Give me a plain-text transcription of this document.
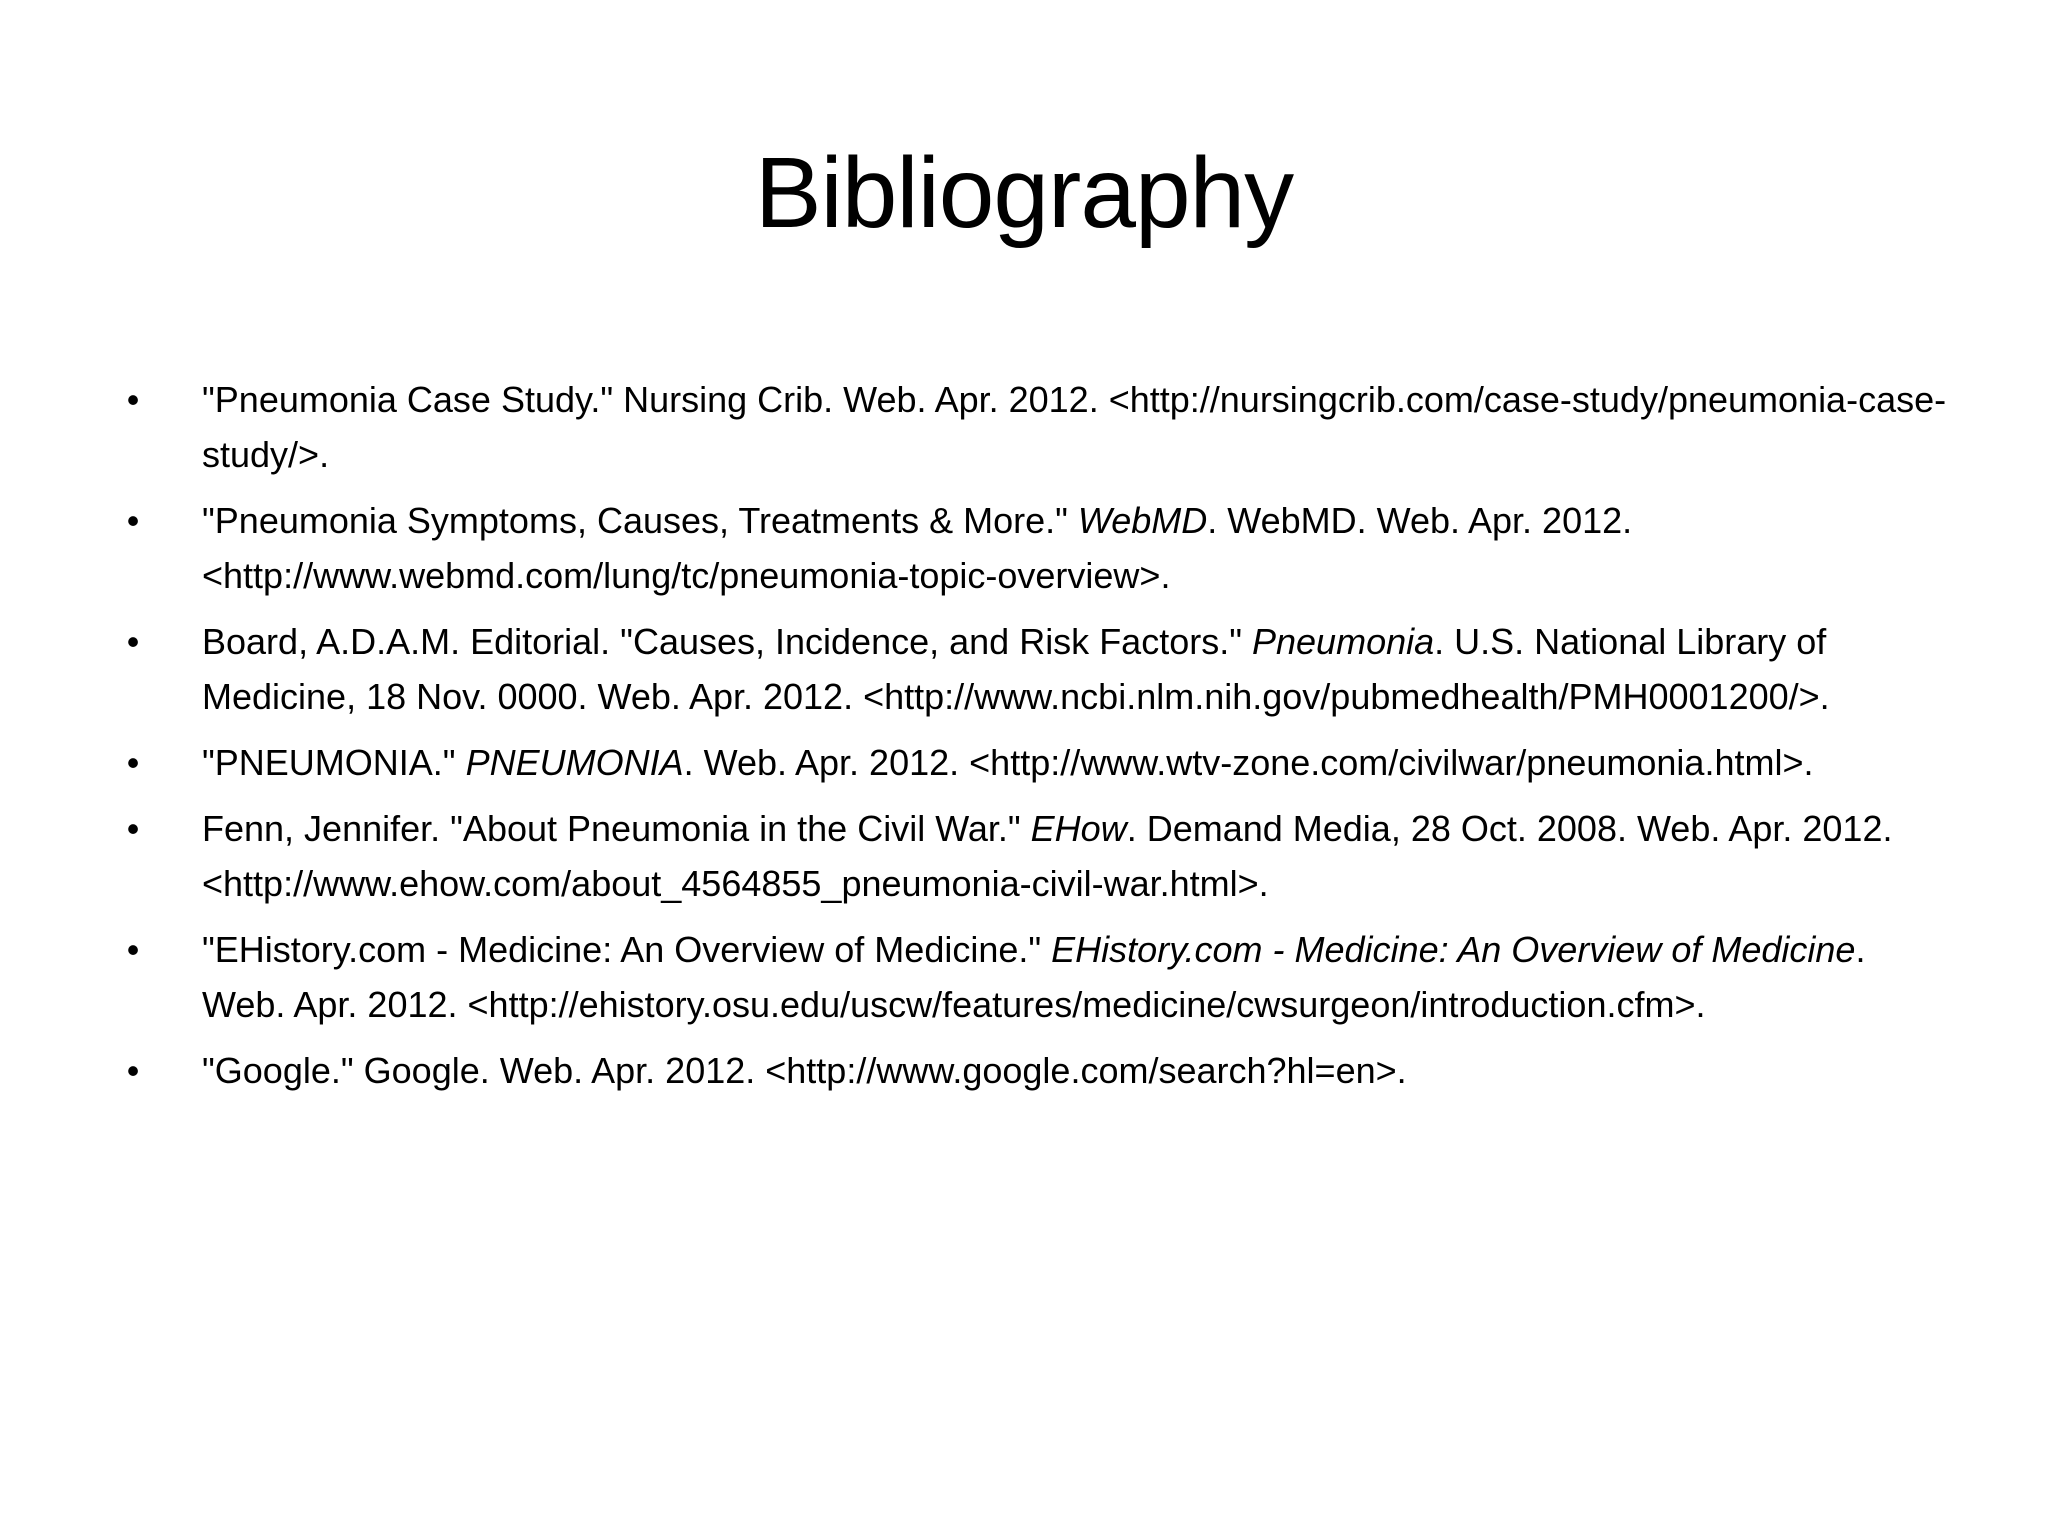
Bibliography
• "Pneumonia Case Study." Nursing Crib. Web. Apr. 2012. <http://nursingcrib.com/case-study/pneumonia-case-study/>.
• "Pneumonia Symptoms, Causes, Treatments & More." WebMD. WebMD. Web. Apr. 2012. <http://www.webmd.com/lung/tc/pneumonia-topic-overview>.
• Board, A.D.A.M. Editorial. "Causes, Incidence, and Risk Factors." Pneumonia. U.S. National Library of Medicine, 18 Nov. 0000. Web. Apr. 2012. <http://www.ncbi.nlm.nih.gov/pubmedhealth/PMH0001200/>.
• "PNEUMONIA." PNEUMONIA. Web. Apr. 2012. <http://www.wtv-zone.com/civilwar/pneumonia.html>.
• Fenn, Jennifer. "About Pneumonia in the Civil War." EHow. Demand Media, 28 Oct. 2008. Web. Apr. 2012. <http://www.ehow.com/about_4564855_pneumonia-civil-war.html>.
• "EHistory.com - Medicine: An Overview of Medicine." EHistory.com - Medicine: An Overview of Medicine. Web. Apr. 2012. <http://ehistory.osu.edu/uscw/features/medicine/cwsurgeon/introduction.cfm>.
• "Google." Google. Web. Apr. 2012. <http://www.google.com/search?hl=en>.
